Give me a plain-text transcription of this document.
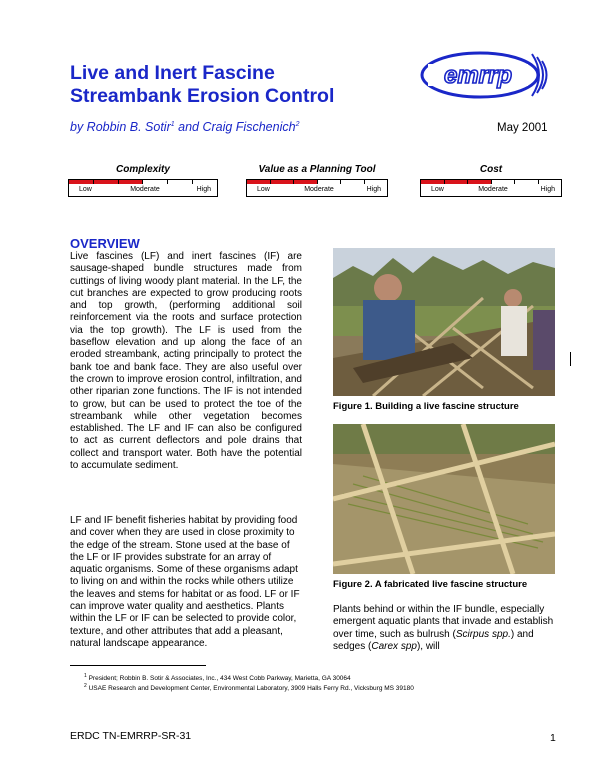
Live and Inert Fascine
Streambank Erosion Control
by Robbin B. Sotir$^1$ and Craig Fischenich$^2$	May 2001
emrrp
Complexity
Low	Moderate	High
Value as a Planning Tool
Low	Moderate	High
Cost
Low	Moderate	High
OVERVIEW
Live fascines (LF) and inert fascines (IF) are sausage-shaped bundle structures made from cuttings of living woody plant material. In the LF, the cut branches are expected to grow producing roots and top growth, (performing additional soil reinforcement via the roots and surface protection via the top growth). The LF is used from the baseflow elevation and up along the face of an eroded streambank, acting principally to protect the bank toe and bank face. They are also useful over the crown to improve erosion control, infiltration, and other riparian zone functions. The IF is not intended to grow, but can be used to protect the toe of the streambank while other vegetation becomes established. The LF and IF can also be configured to act as current deflectors and pole drains that collect and transport water. Both have the potential to accumulate sediment.
LF and IF benefit fisheries habitat by providing food and cover when they are used in close proximity to the edge of the stream. Stone used at the base of the LF or IF provides substrate for an array of aquatic organisms. Some of these organisms adapt to living on and within the rocks while others utilize the leaves and stems for habitat or as food. LF or IF can improve water quality and aesthetics. Plants within the LF or IF can be selected to provide color, texture, and other attributes that add a pleasant, natural landscape appearance.
Figure 1. Building a live fascine structure
Figure 2. A fabricated live fascine structure
Plants behind or within the IF bundle, especially emergent aquatic plants that invade and establish over time, such as bulrush (Scirpus spp.) and sedges (Carex spp), will
$^1$ President; Robbin B. Sotir & Associates, Inc., 434 West Cobb Parkway, Marietta, GA 30064
$^2$ USAE Research and Development Center, Environmental Laboratory, 3909 Halls Ferry Rd., Vicksburg MS 39180
ERDC TN-EMRRP-SR-31	1
